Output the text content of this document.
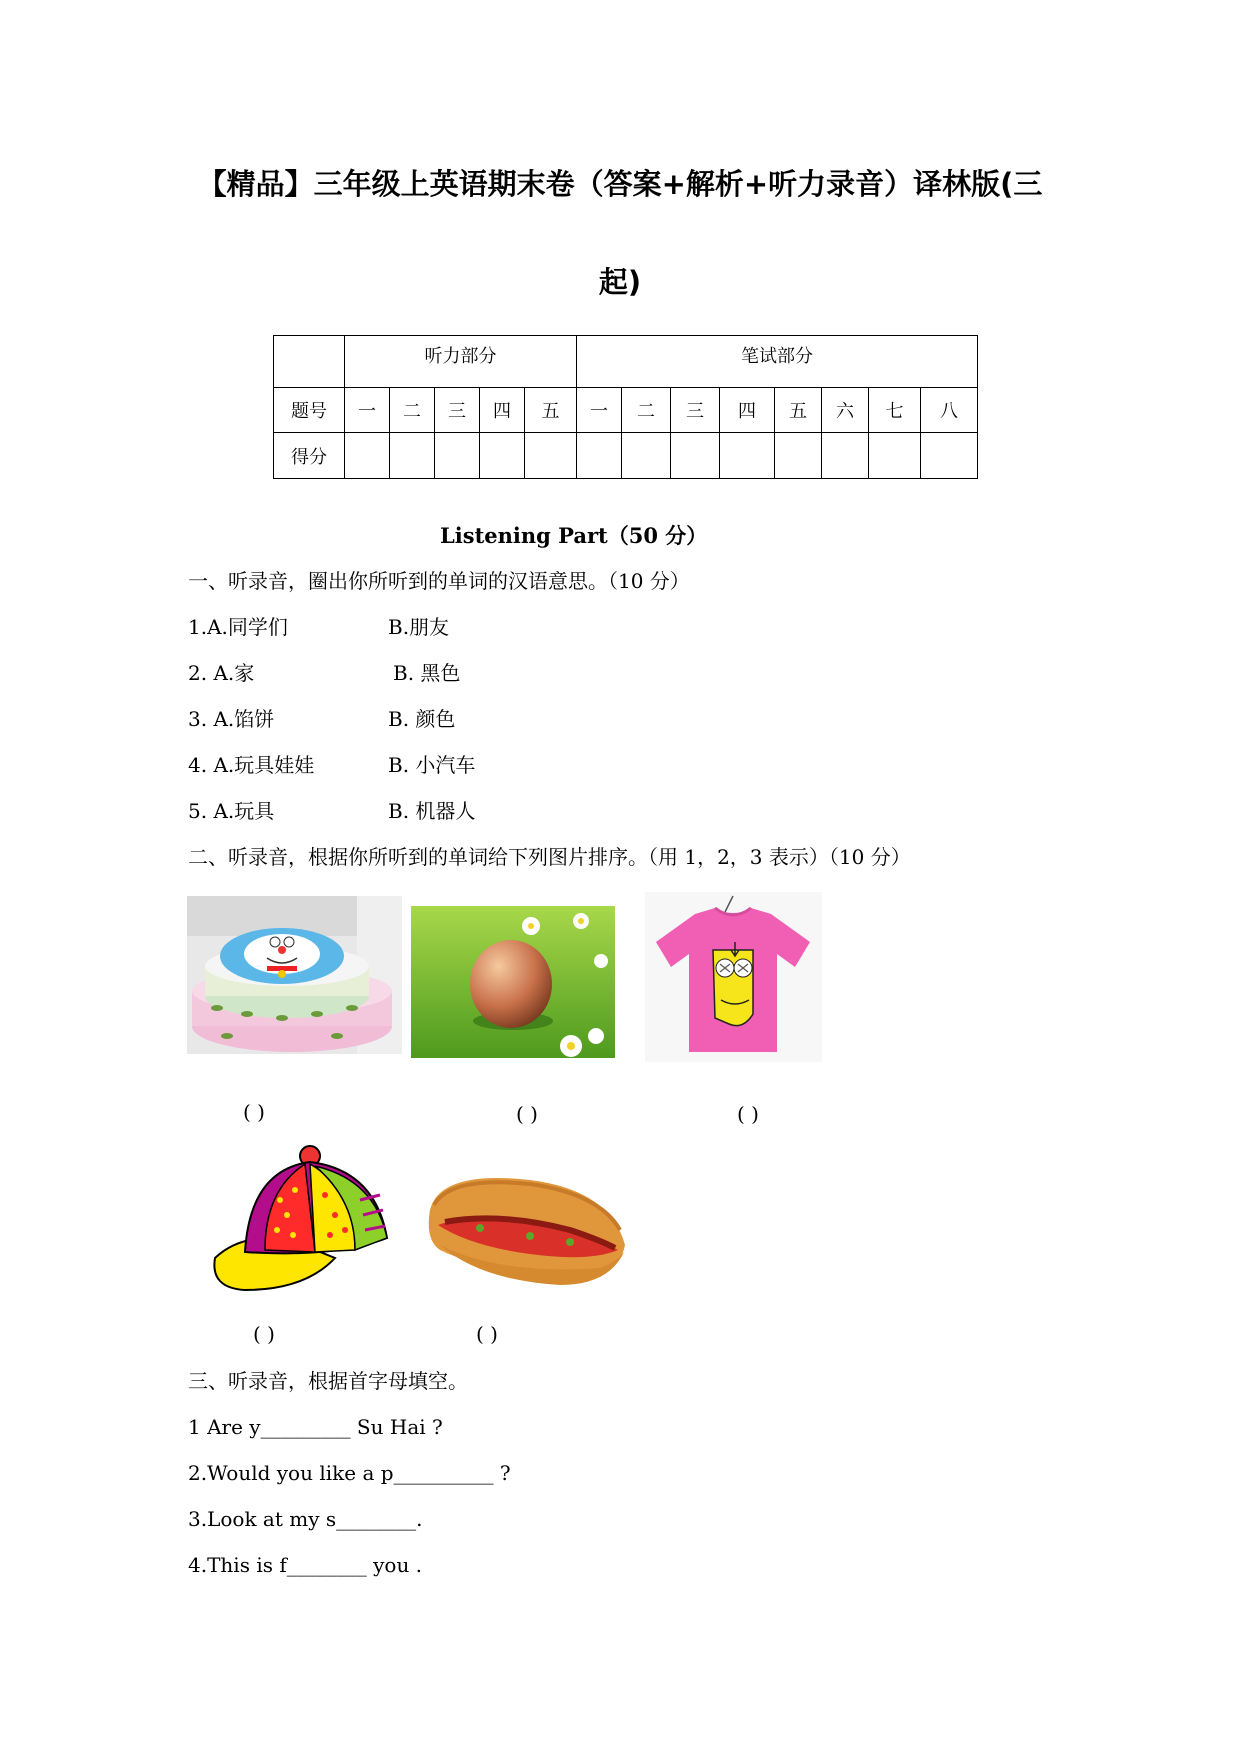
【精品】三年级上英语期末卷（答案+解析+听力录音）译林版(三
起)
	听力部分					笔试部分							
题号	一	二	三	四	五	一	二	三	四	五	六	七	八
得分													
Listening Part（50 分）
一、听录音，圈出你所听到的单词的汉语意思。（10 分）
1.A.同学们	B.朋友
2. A.家	B. 黑色
3. A.馅饼	B. 颜色
4. A.玩具娃娃	B. 小汽车
5. A.玩具	B. 机器人
二、听录音，根据你所听到的单词给下列图片排序。（用 1，2，3 表示）（10 分）
( )	( )	( )
( )	( )
三、听录音，根据首字母填空。
1 Are y_________ Su Hai ?
2.Would you like a p__________ ?
3.Look at my s________.
4.This is f________ you .
